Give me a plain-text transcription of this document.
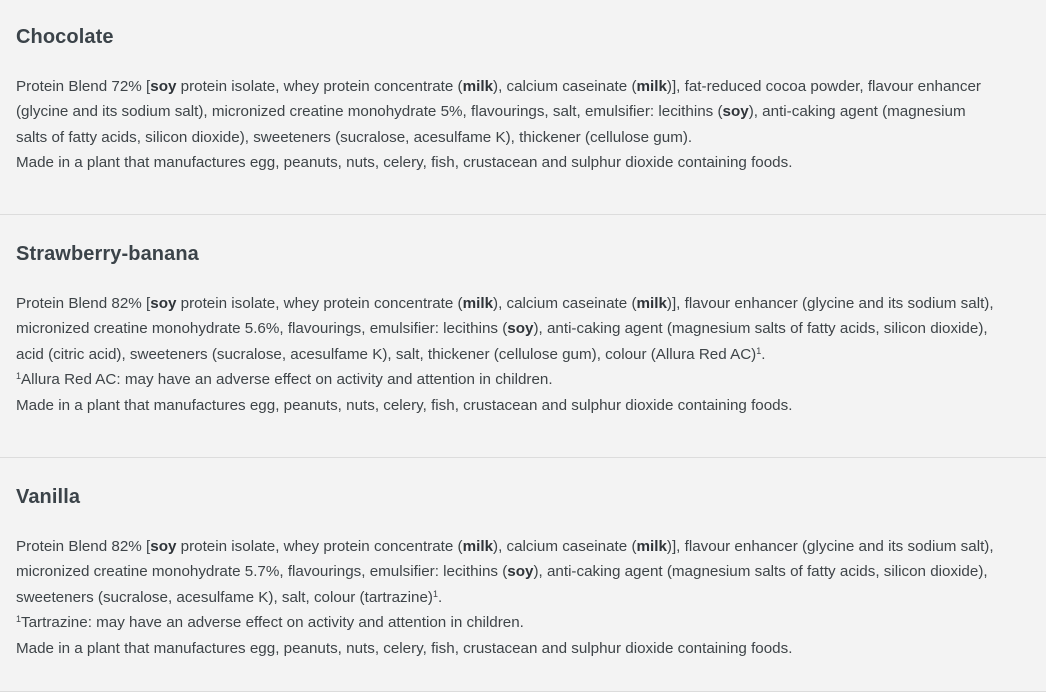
Chocolate
Protein Blend 72% [soy protein isolate, whey protein concentrate (milk), calcium caseinate (milk)], fat-reduced cocoa powder, flavour enhancer
(glycine and its sodium salt), micronized creatine monohydrate 5%, flavourings, salt, emulsifier: lecithins (soy), anti-caking agent (magnesium
salts of fatty acids, silicon dioxide), sweeteners (sucralose, acesulfame K), thickener (cellulose gum).
Made in a plant that manufactures egg, peanuts, nuts, celery, fish, crustacean and sulphur dioxide containing foods.
Strawberry-banana
Protein Blend 82% [soy protein isolate, whey protein concentrate (milk), calcium caseinate (milk)], flavour enhancer (glycine and its sodium salt),
micronized creatine monohydrate 5.6%, flavourings, emulsifier: lecithins (soy), anti-caking agent (magnesium salts of fatty acids, silicon dioxide),
acid (citric acid), sweeteners (sucralose, acesulfame K), salt, thickener (cellulose gum), colour (Allura Red AC)$^1$.
$^1$Allura Red AC: may have an adverse effect on activity and attention in children.
Made in a plant that manufactures egg, peanuts, nuts, celery, fish, crustacean and sulphur dioxide containing foods.
Vanilla
Protein Blend 82% [soy protein isolate, whey protein concentrate (milk), calcium caseinate (milk)], flavour enhancer (glycine and its sodium salt),
micronized creatine monohydrate 5.7%, flavourings, emulsifier: lecithins (soy), anti-caking agent (magnesium salts of fatty acids, silicon dioxide),
sweeteners (sucralose, acesulfame K), salt, colour (tartrazine)$^1$.
$^1$Tartrazine: may have an adverse effect on activity and attention in children.
Made in a plant that manufactures egg, peanuts, nuts, celery, fish, crustacean and sulphur dioxide containing foods.
